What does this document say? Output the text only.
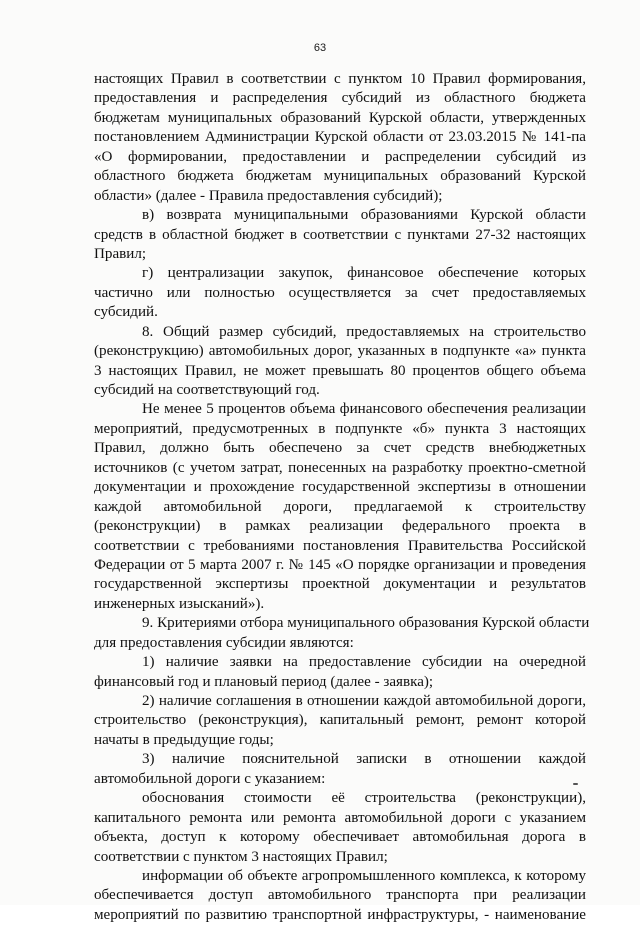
63
настоящих Правил в соответствии с пунктом 10 Правил формирования,
предоставления и распределения субсидий из областного бюджета
бюджетам муниципальных образований Курской области, утвержденных
постановлением Администрации Курской области от 23.03.2015 № 141-па
«О формировании, предоставлении и распределении субсидий из
областного бюджета бюджетам муниципальных образований Курской
области» (далее - Правила предоставления субсидий);
в) возврата муниципальными образованиями Курской области
средств в областной бюджет в соответствии с пунктами 27-32 настоящих
Правил;
г) централизации закупок, финансовое обеспечение которых
частично или полностью осуществляется за счет предоставляемых
субсидий.
8. Общий размер субсидий, предоставляемых на строительство
(реконструкцию) автомобильных дорог, указанных в подпункте «а» пункта
3 настоящих Правил, не может превышать 80 процентов общего объема
субсидий на соответствующий год.
Не менее 5 процентов объема финансового обеспечения реализации
мероприятий, предусмотренных в подпункте «б» пункта 3 настоящих
Правил, должно быть обеспечено за счет средств внебюджетных
источников (с учетом затрат, понесенных на разработку проектно-сметной
документации и прохождение государственной экспертизы в отношении
каждой автомобильной дороги, предлагаемой к строительству
(реконструкции) в рамках реализации федерального проекта в
соответствии с требованиями постановления Правительства Российской
Федерации от 5 марта 2007 г. № 145 «О порядке организации и проведения
государственной экспертизы проектной документации и результатов
инженерных изысканий»).
9. Критериями отбора муниципального образования Курской области
для предоставления субсидии являются:
1) наличие заявки на предоставление субсидии на очередной
финансовый год и плановый период (далее - заявка);
2) наличие соглашения в отношении каждой автомобильной дороги,
строительство (реконструкция), капитальный ремонт, ремонт которой
начаты в предыдущие годы;
3) наличие пояснительной записки в отношении каждой
автомобильной дороги с указанием:
обоснования стоимости её строительства (реконструкции),
капитального ремонта или ремонта автомобильной дороги с указанием
объекта, доступ к которому обеспечивает автомобильная дорога в
соответствии с пунктом 3 настоящих Правил;
информации об объекте агропромышленного комплекса, к которому
обеспечивается доступ автомобильного транспорта при реализации
мероприятий по развитию транспортной инфраструктуры, - наименование
